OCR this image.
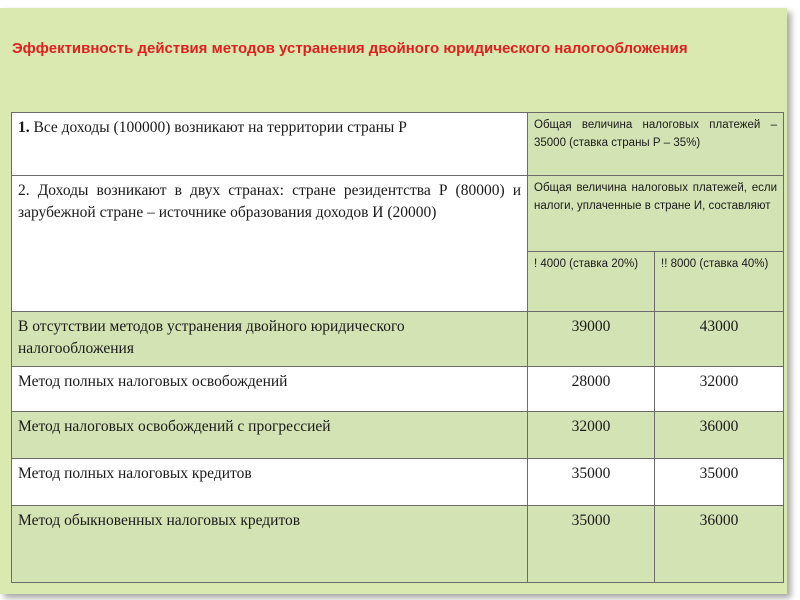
Эффективность действия методов устранения двойного юридического налогообложения
1. Все доходы (100000) возникают на территории страны Р	Общая величина налоговых платежей – 35000 (ставка страны Р – 35%)	
2. Доходы возникают в двух странах: стране резидентства Р (80000) и зарубежной стране – источнике образования доходов И (20000)	Общая величина налоговых платежей, если налоги, уплаченные в стране И, составляют	
	! 4000 (ставка 20%)	!! 8000 (ставка 40%)
В отсутствии методов устранения двойного юридического налогообложения	39000	43000
Метод полных налоговых освобождений	28000	32000
Метод налоговых освобождений с прогрессией	32000	36000
Метод полных налоговых кредитов	35000	35000
Метод обыкновенных налоговых кредитов	35000	36000
